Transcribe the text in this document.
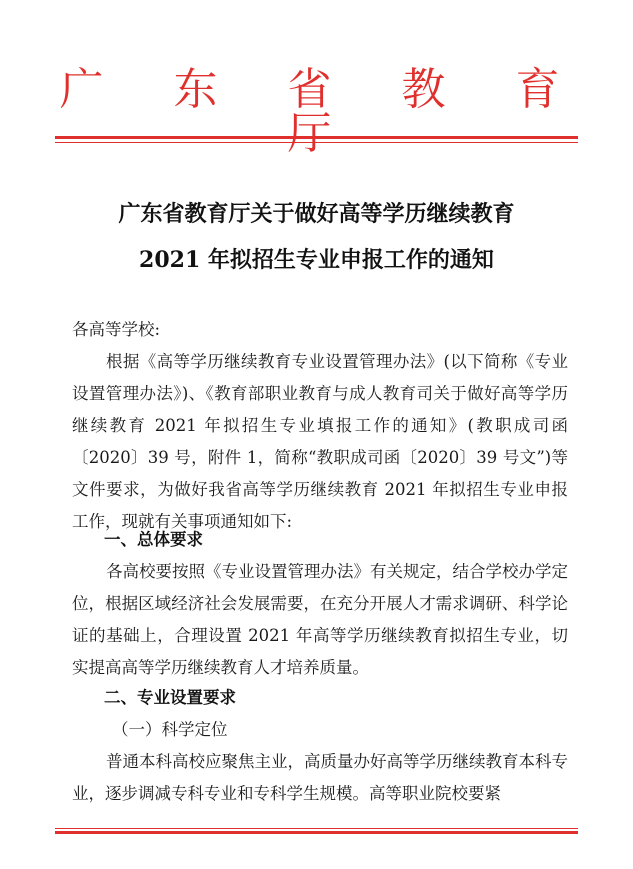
广 东 省 教 育 厅
广东省教育厅关于做好高等学历继续教育
2021 年拟招生专业申报工作的通知
各高等学校:
根据《高等学历继续教育专业设置管理办法》(以下简称《专业设置管理办法》)、《教育部职业教育与成人教育司关于做好高等学历继续教育 2021 年拟招生专业填报工作的通知》(教职成司函〔2020〕39 号，附件 1，简称“教职成司函〔2020〕39 号文”)等文件要求，为做好我省高等学历继续教育 2021 年拟招生专业申报工作，现就有关事项通知如下:
一、总体要求
各高校要按照《专业设置管理办法》有关规定，结合学校办学定位，根据区域经济社会发展需要，在充分开展人才需求调研、科学论证的基础上，合理设置 2021 年高等学历继续教育拟招生专业，切实提高高等学历继续教育人才培养质量。
二、专业设置要求
（一）科学定位
普通本科高校应聚焦主业，高质量办好高等学历继续教育本科专业，逐步调减专科专业和专科学生规模。高等职业院校要紧
